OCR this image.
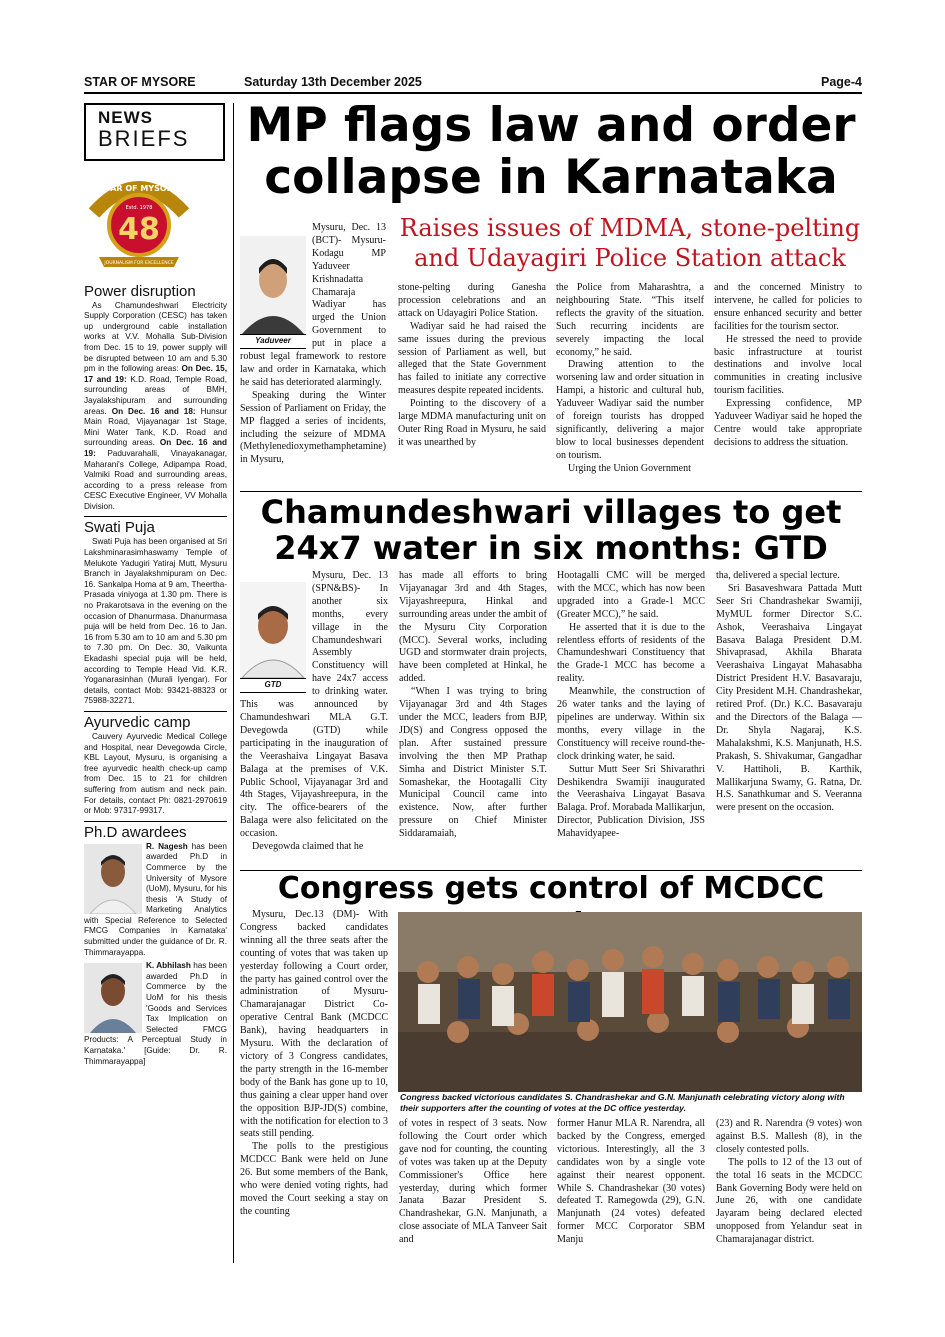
STAR OF MYSORE	Saturday 13th December 2025	Page-4
NEWS
BRIEFS
STAR OF MYSORE
Estd. 1978
48
JOURNALISM FOR EXCELLENCE
Power disruption

As Chamundeshwari Electricity Supply Corporation (CESC) has taken up underground cable installation works at V.V. Mohalla Sub-Division from Dec. 15 to 19, power supply will be disrupted between 10 am and 5.30 pm in the following areas: On Dec. 15, 17 and 19: K.D. Road, Temple Road, surrounding areas of BMH, Jayalakshipuram and surrounding areas. On Dec. 16 and 18: Hunsur Main Road, Vijayanagar 1st Stage, Mini Water Tank, K.D. Road and surrounding areas. On Dec. 16 and 19: Paduvarahalli, Vinayakanagar, Maharani's College, Adipampa Road, Valmiki Road and surrounding areas, according to a press release from CESC Executive Engineer, VV Mohalla Division.

Swati Puja

Swati Puja has been organised at Sri Lakshminarasimhaswamy Temple of Melukote Yadugiri Yatiraj Mutt, Mysuru Branch in Jayalakshmipuram on Dec. 16. Sankalpa Homa at 9 am, Theertha-Prasada viniyoga at 1.30 pm. There is no Prakarotsava in the evening on the occasion of Dhanurmasa. Dhanurmasa puja will be held from Dec. 16 to Jan. 16 from 5.30 am to 10 am and 5.30 pm to 7.30 pm. On Dec. 30, Vaikunta Ekadashi special puja will be held, according to Temple Head Vid. K.R. Yoganarasinhan (Murali Iyengar). For details, contact Mob: 93421-88323 or 75988-32271.

Ayurvedic camp

Cauvery Ayurvedic Medical College and Hospital, near Devegowda Circle, KBL Layout, Mysuru, is organising a free ayurvedic health check-up camp from Dec. 15 to 21 for children suffering from autism and neck pain. For details, contact Ph: 0821-2970619 or Mob: 97317-99317.

Ph.D awardees

R. Nagesh has been awarded Ph.D in Commerce by the University of Mysore (UoM), Mysuru, for his thesis 'A Study of Marketing Analytics with Special Reference to Selected FMCG Companies in Karnataka' submitted under the guidance of Dr. R. Thimmarayappa.

K. Abhilash has been awarded Ph.D in Commerce by the UoM for his thesis 'Goods and Services Tax Implication on Selected FMCG Products: A Perceptual Study in Karnataka.' [Guide: Dr. R. Thimmarayappa]

MP flags law and order
collapse in Karnataka
Raises issues of MDMA, stone-pelting
and Udayagiri Police Station attack
Yaduveer

Mysuru, Dec. 13 (BCT)- Mysuru-Kodagu MP Yaduveer Krishnadatta Chamaraja Wadiyar has urged the Union Government to put in place a robust legal framework to restore law and order in Karnataka, which he said has deteriorated alarmingly.

Speaking during the Winter Session of Parliament on Friday, the MP flagged a series of incidents, including the seizure of MDMA (Methylenedioxymethamphetamine) in Mysuru,

stone-pelting during Ganesha procession celebrations and an attack on Udayagiri Police Station.

Wadiyar said he had raised the same issues during the previous session of Parliament as well, but alleged that the State Government has failed to initiate any corrective measures despite repeated incidents.

Pointing to the discovery of a large MDMA manufacturing unit on Outer Ring Road in Mysuru, he said it was unearthed by

the Police from Maharashtra, a neighbouring State. “This itself reflects the gravity of the situation. Such recurring incidents are severely impacting the local economy,” he said.

Drawing attention to the worsening law and order situation in Hampi, a historic and cultural hub, Yaduveer Wadiyar said the number of foreign tourists has dropped significantly, delivering a major blow to local businesses dependent on tourism.

Urging the Union Government

and the concerned Ministry to intervene, he called for policies to ensure enhanced security and better facilities for the tourism sector.

He stressed the need to provide basic infrastructure at tourist destinations and involve local communities in creating inclusive tourism facilities.

Expressing confidence, MP Yaduveer Wadiyar said he hoped the Centre would take appropriate decisions to address the situation.

Chamundeshwari villages to get
24x7 water in six months: GTD
GTD

Mysuru, Dec. 13 (SPN&BS)- In another six months, every village in the Chamundeshwari Assembly Constituency will have 24x7 access to drinking water. This was announced by Chamundeshwari MLA G.T. Devegowda (GTD) while participating in the inauguration of the Veerashaiva Lingayat Basava Balaga at the premises of V.K. Public School, Vijayanagar 3rd and 4th Stages, Vijayashreepura, in the city. The office-bearers of the Balaga were also felicitated on the occasion.

Devegowda claimed that he

has made all efforts to bring Vijayanagar 3rd and 4th Stages, Vijayashreepura, Hinkal and surrounding areas under the ambit of the Mysuru City Corporation (MCC). Several works, including UGD and stormwater drain projects, have been completed at Hinkal, he added.

“When I was trying to bring Vijayanagar 3rd and 4th Stages under the MCC, leaders from BJP, JD(S) and Congress opposed the plan. After sustained pressure involving the then MP Prathap Simha and District Minister S.T. Somashekar, the Hootagalli City Municipal Council came into existence. Now, after further pressure on Chief Minister Siddaramaiah,

Hootagalli CMC will be merged with the MCC, which has now been upgraded into a Grade-1 MCC (Greater MCC),” he said.

He asserted that it is due to the relentless efforts of residents of the Chamundeshwari Constituency that the Grade-1 MCC has become a reality.

Meanwhile, the construction of 26 water tanks and the laying of pipelines are underway. Within six months, every village in the Constituency will receive round-the-clock drinking water, he said.

Suttur Mutt Seer Sri Shivarathri Deshikendra Swamiji inaugurated the Veerashaiva Lingayat Basava Balaga. Prof. Morabada Mallikarjun, Director, Publication Division, JSS Mahavidyapee-

tha, delivered a special lecture.

Sri Basaveshwara Pattada Mutt Seer Sri Chandrashekar Swamiji, MyMUL former Director S.C. Ashok, Veerashaiva Lingayat Basava Balaga President D.M. Shivaprasad, Akhila Bharata Veerashaiva Lingayat Mahasabha District President H.V. Basavaraju, City President M.H. Chandrashekar, retired Prof. (Dr.) K.C. Basavaraju and the Directors of the Balaga — Dr. Shyla Nagaraj, K.S. Mahalakshmi, K.S. Manjunath, H.S. Prakash, S. Shivakumar, Gangadhar V. Hattiholi, B. Karthik, Mallikarjuna Swamy, G. Ratna, Dr. H.S. Sanathkumar and S. Veeranna were present on the occasion.

Congress gets control of MCDCC

Mysuru, Dec.13 (DM)- With Congress backed candidates winning all the three seats after the counting of votes that was taken up yesterday following a Court order, the party has gained control over the administration of Mysuru-Chamarajanagar District Co-operative Central Bank (MCDCC Bank), having headquarters in Mysuru. With the declaration of victory of 3 Congress candidates, the party strength in the 16-member body of the Bank has gone up to 10, thus gaining a clear upper hand over the opposition BJP-JD(S) combine, with the notification for election to 3 seats still pending.

The polls to the prestigious MCDCC Bank were held on June 26. But some members of the Bank, who were denied voting rights, had moved the Court seeking a stay on the counting

Congress backed victorious candidates S. Chandrashekar and G.N. Manjunath celebrating victory along with their supporters after the counting of votes at the DC office yesterday.

of votes in respect of 3 seats. Now following the Court order which gave nod for counting, the counting of votes was taken up at the Deputy Commissioner's Office here yesterday, during which former Janata Bazar President S. Chandrashekar, G.N. Manjunath, a close associate of MLA Tanveer Sait and

former Hanur MLA R. Narendra, all backed by the Congress, emerged victorious. Interestingly, all the 3 candidates won by a single vote against their nearest opponent. While S. Chandrashekar (30 votes) defeated T. Ramegowda (29), G.N. Manjunath (24 votes) defeated former MCC Corporator SBM Manju

(23) and R. Narendra (9 votes) won against B.S. Mallesh (8), in the closely contested polls.

The polls to 12 of the 13 out of the total 16 seats in the MCDCC Bank Governing Body were held on June 26, with one candidate Jayaram being declared elected unopposed from Yelandur seat in Chamarajanagar district.
